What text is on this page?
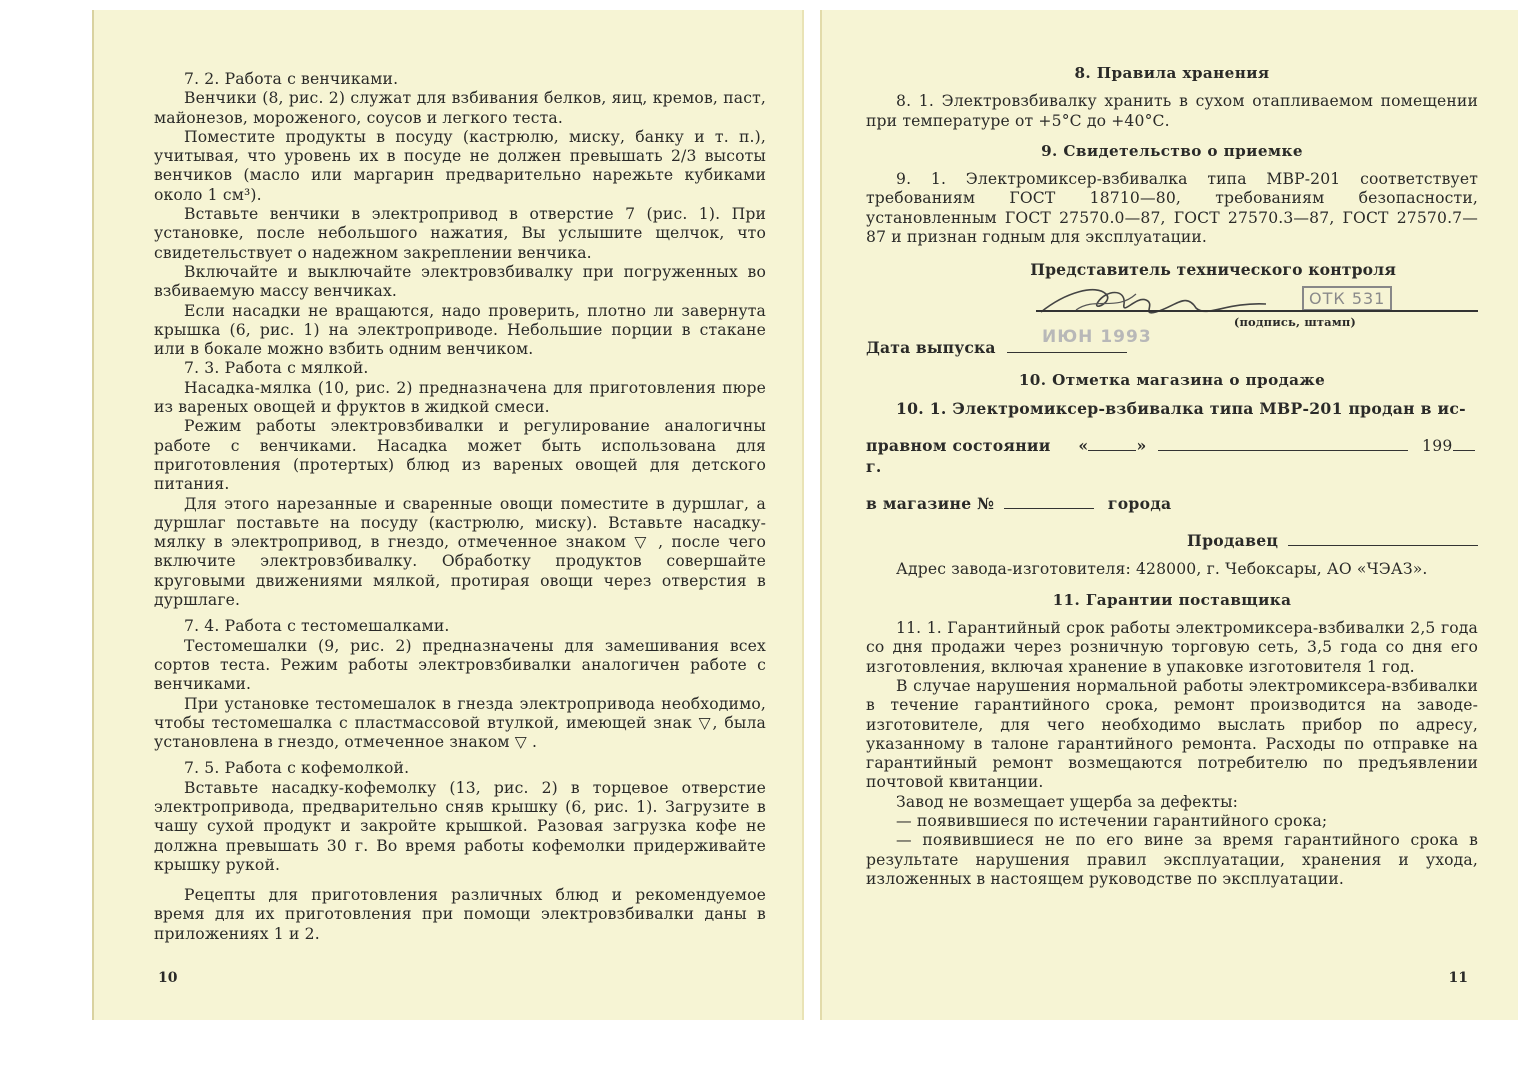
7. 2. Работа с венчиками.

Венчики (8, рис. 2) служат для взбивания белков, яиц, кремов, паст, майонезов, мороженого, соусов и легкого теста.

Поместите продукты в посуду (кастрюлю, миску, банку и т. п.), учитывая, что уровень их в посуде не должен превышать 2/3 высоты венчиков (масло или маргарин предварительно нарежьте кубиками около 1 см³).

Вставьте венчики в электропривод в отверстие 7 (рис. 1). При установке, после небольшого нажатия, Вы услышите щелчок, что свидетельствует о надежном закреплении венчика.

Включайте и выключайте электровзбивалку при погруженных во взбиваемую массу венчиках.

Если насадки не вращаются, надо проверить, плотно ли завернута крышка (6, рис. 1) на электроприводе. Небольшие порции в стакане или в бокале можно взбить одним венчиком.

7. 3. Работа с мялкой.

Насадка-мялка (10, рис. 2) предназначена для приготовления пюре из вареных овощей и фруктов в жидкой смеси.

Режим работы электровзбивалки и регулирование аналогичны работе с венчиками. Насадка может быть использована для приготовления (протертых) блюд из вареных овощей для детского питания.

Для этого нарезанные и сваренные овощи поместите в дуршлаг, а дуршлаг поставьте на посуду (кастрюлю, миску). Вставьте насадку-мялку в электропривод, в гнездо, отмеченное знаком ▽ , после чего включите электровзбивалку. Обработку продуктов совершайте круговыми движениями мялкой, протирая овощи через отверстия в дуршлаге.

7. 4. Работа с тестомешалками.

Тестомешалки (9, рис. 2) предназначены для замешивания всех сортов теста. Режим работы электровзбивалки аналогичен работе с венчиками.

При установке тестомешалок в гнезда электропривода необходимо, чтобы тестомешалка с пластмассовой втулкой, имеющей знак ▽, была установлена в гнездо, отмеченное знаком ▽ .

7. 5. Работа с кофемолкой.

Вставьте насадку-кофемолку (13, рис. 2) в торцевое отверстие электропривода, предварительно сняв крышку (6, рис. 1). Загрузите в чашу сухой продукт и закройте крышкой. Разовая загрузка кофе не должна превышать 30 г. Во время работы кофемолки придерживайте крышку рукой.

Рецепты для приготовления различных блюд и рекомендуемое время для их приготовления при помощи электровзбивалки даны в приложениях 1 и 2.

10
8. Правила хранения

8. 1. Электровзбивалку хранить в сухом отапливаемом помещении при температуре от +5°С до +40°С.

9. Свидетельство о приемке

9. 1. Электромиксер-взбивалка типа МВР-201 соответствует требованиям ГОСТ 18710—80, требованиям безопасности, установленным ГОСТ 27570.0—87, ГОСТ 27570.3—87, ГОСТ 27570.7—87 и признан годным для эксплуатации.

Представитель технического контроля
ОТК 531
(подпись, штамп)
Дата выпуска
ИЮН 1993
10. Отметка магазина о продаже

10. 1. Электромиксер-взбивалка типа МВР-201 продан в ис-

правном состоянии «	»	199 г.
в магазине №	города
Продавец

Адрес завода-изготовителя: 428000, г. Чебоксары, АО «ЧЭАЗ».

11. Гарантии поставщика

11. 1. Гарантийный срок работы электромиксера-взбивалки 2,5 года со дня продажи через розничную торговую сеть, 3,5 года со дня его изготовления, включая хранение в упаковке изготовителя 1 год.

В случае нарушения нормальной работы электромиксера-взбивалки в течение гарантийного срока, ремонт производится на заводе-изготовителе, для чего необходимо выслать прибор по адресу, указанному в талоне гарантийного ремонта. Расходы по отправке на гарантийный ремонт возмещаются потребителю по предъявлении почтовой квитанции.

Завод не возмещает ущерба за дефекты:

— появившиеся по истечении гарантийного срока;

— появившиеся не по его вине за время гарантийного срока в результате нарушения правил эксплуатации, хранения и ухода, изложенных в настоящем руководстве по эксплуатации.

11
